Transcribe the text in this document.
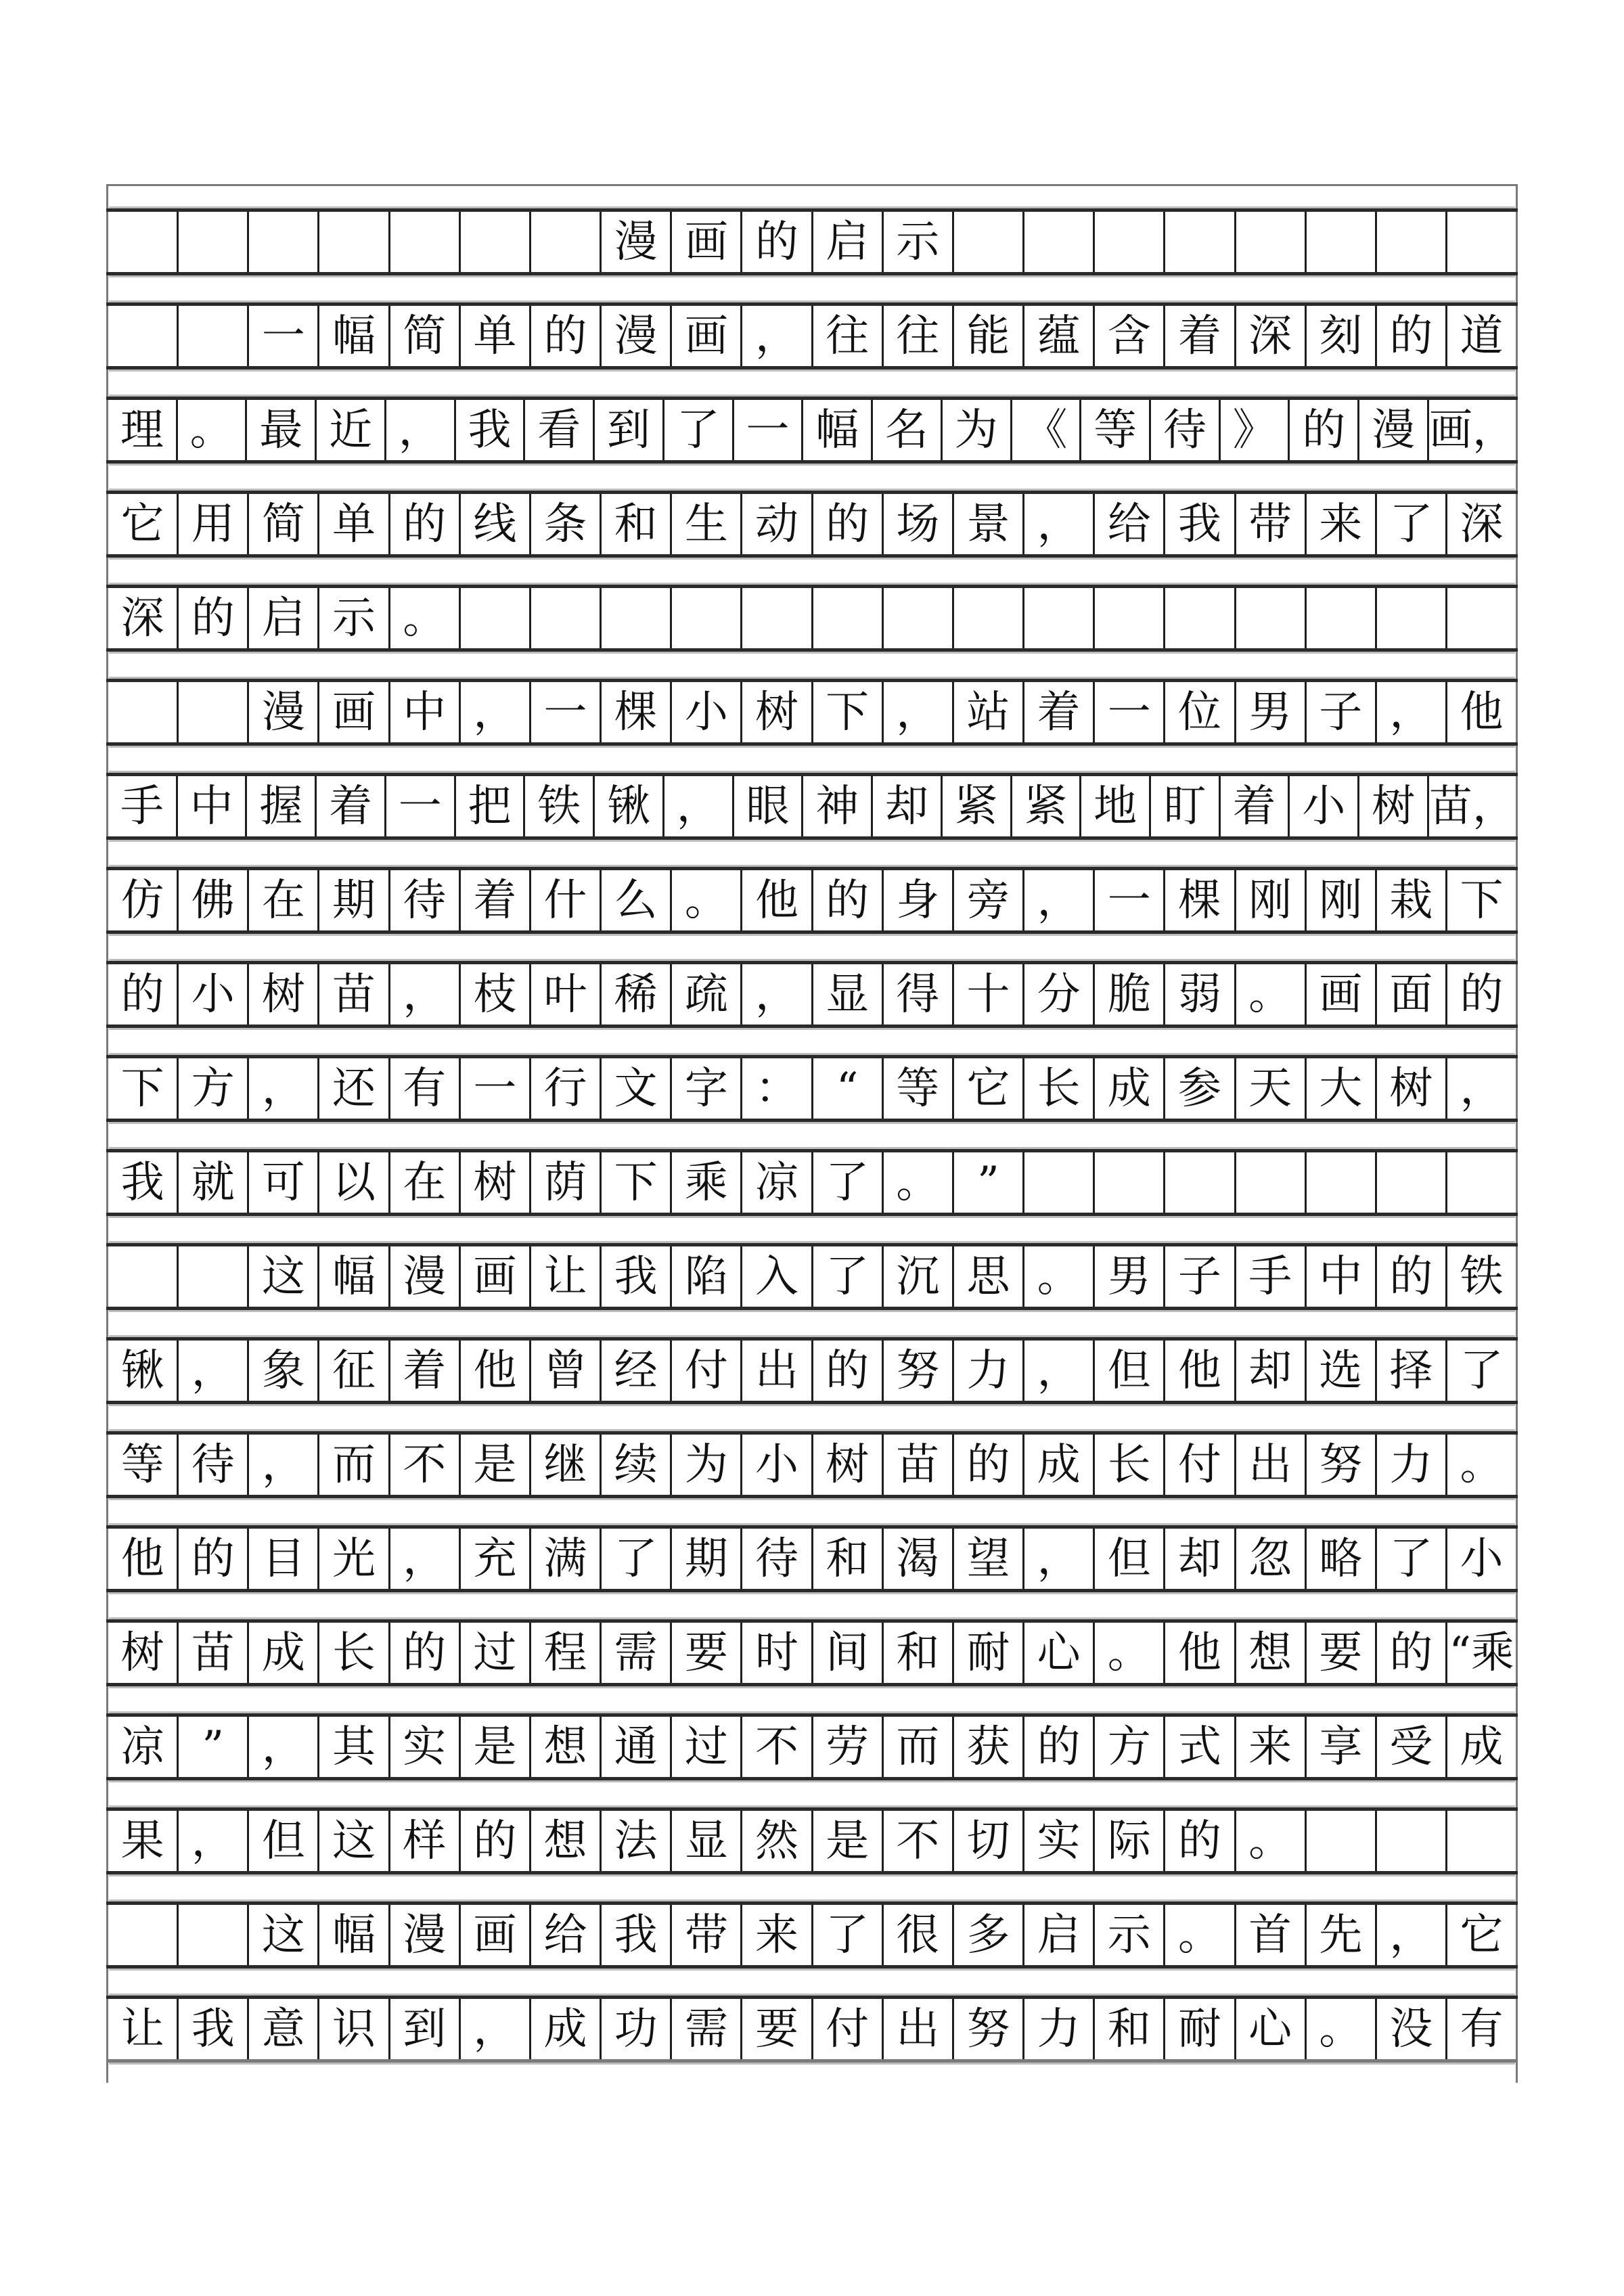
漫 画 的 启 示
一 幅 简 单 的 漫 画 ， 往 往 能 蕴 含 着 深 刻 的 道
理 。 最 近 ， 我 看 到 了 一 幅 名 为 《 等 待 》 的 漫 画，
它 用 简 单 的 线 条 和 生 动 的 场 景 ， 给 我 带 来 了 深
深 的 启 示 。
漫 画 中 ， 一 棵 小 树 下 ， 站 着 一 位 男 子 ， 他
手 中 握 着 一 把 铁 锹 ， 眼 神 却 紧 紧 地 盯 着 小 树 苗，
仿 佛 在 期 待 着 什 么 。 他 的 身 旁 ， 一 棵 刚 刚 栽 下
的 小 树 苗 ， 枝 叶 稀 疏 ， 显 得 十 分 脆 弱 。 画 面 的
下 方 ， 还 有 一 行 文 字 ： “ 等 它 长 成 参 天 大 树 ，
我 就 可 以 在 树 荫 下 乘 凉 了 。 ”
这 幅 漫 画 让 我 陷 入 了 沉 思 。 男 子 手 中 的 铁
锹 ， 象 征 着 他 曾 经 付 出 的 努 力 ， 但 他 却 选 择 了
等 待 ， 而 不 是 继 续 为 小 树 苗 的 成 长 付 出 努 力 。
他 的 目 光 ， 充 满 了 期 待 和 渴 望 ， 但 却 忽 略 了 小
树 苗 成 长 的 过 程 需 要 时 间 和 耐 心 。 他 想 要 的 “乘
凉 ” ， 其 实 是 想 通 过 不 劳 而 获 的 方 式 来 享 受 成
果 ， 但 这 样 的 想 法 显 然 是 不 切 实 际 的 。
这 幅 漫 画 给 我 带 来 了 很 多 启 示 。 首 先 ， 它
让 我 意 识 到 ， 成 功 需 要 付 出 努 力 和 耐 心 。 没 有
